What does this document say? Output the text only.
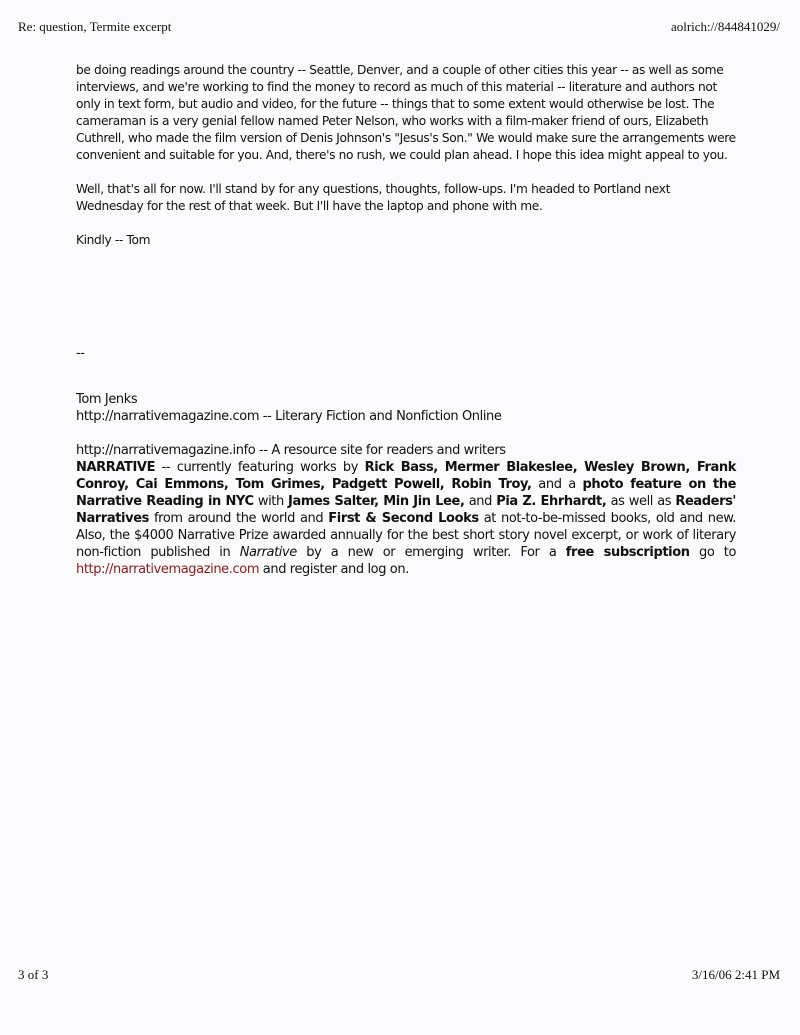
Re: question, Termite excerpt	aolrich://844841029/

be doing readings around the country -- Seattle, Denver, and a couple of other cities this year -- as well as some interviews, and we're working to find the money to record as much of this material -- literature and authors not only in text form, but audio and video, for the future -- things that to some extent would otherwise be lost. The cameraman is a very genial fellow named Peter Nelson, who works with a film-maker friend of ours, Elizabeth Cuthrell, who made the film version of Denis Johnson's "Jesus's Son." We would make sure the arrangements were convenient and suitable for you. And, there's no rush, we could plan ahead. I hope this idea might appeal to you.

Well, that's all for now. I'll stand by for any questions, thoughts, follow-ups. I'm headed to Portland next Wednesday for the rest of that week. But I'll have the laptop and phone with me.

Kindly -- Tom

--
Tom Jenks
http://narrativemagazine.com -- Literary Fiction and Nonfiction Online
http://narrativemagazine.info -- A resource site for readers and writers
NARRATIVE -- currently featuring works by Rick Bass, Mermer Blakeslee, Wesley Brown, Frank Conroy, Cai Emmons, Tom Grimes, Padgett Powell, Robin Troy, and a photo feature on the Narrative Reading in NYC with James Salter, Min Jin Lee, and Pia Z. Ehrhardt, as well as Readers' Narratives from around the world and First & Second Looks at not-to-be-missed books, old and new. Also, the $4000 Narrative Prize awarded annually for the best short story novel excerpt, or work of literary non-fiction published in Narrative by a new or emerging writer. For a free subscription go to http://narrativemagazine.com and register and log on.
3 of 3	3/16/06 2:41 PM
